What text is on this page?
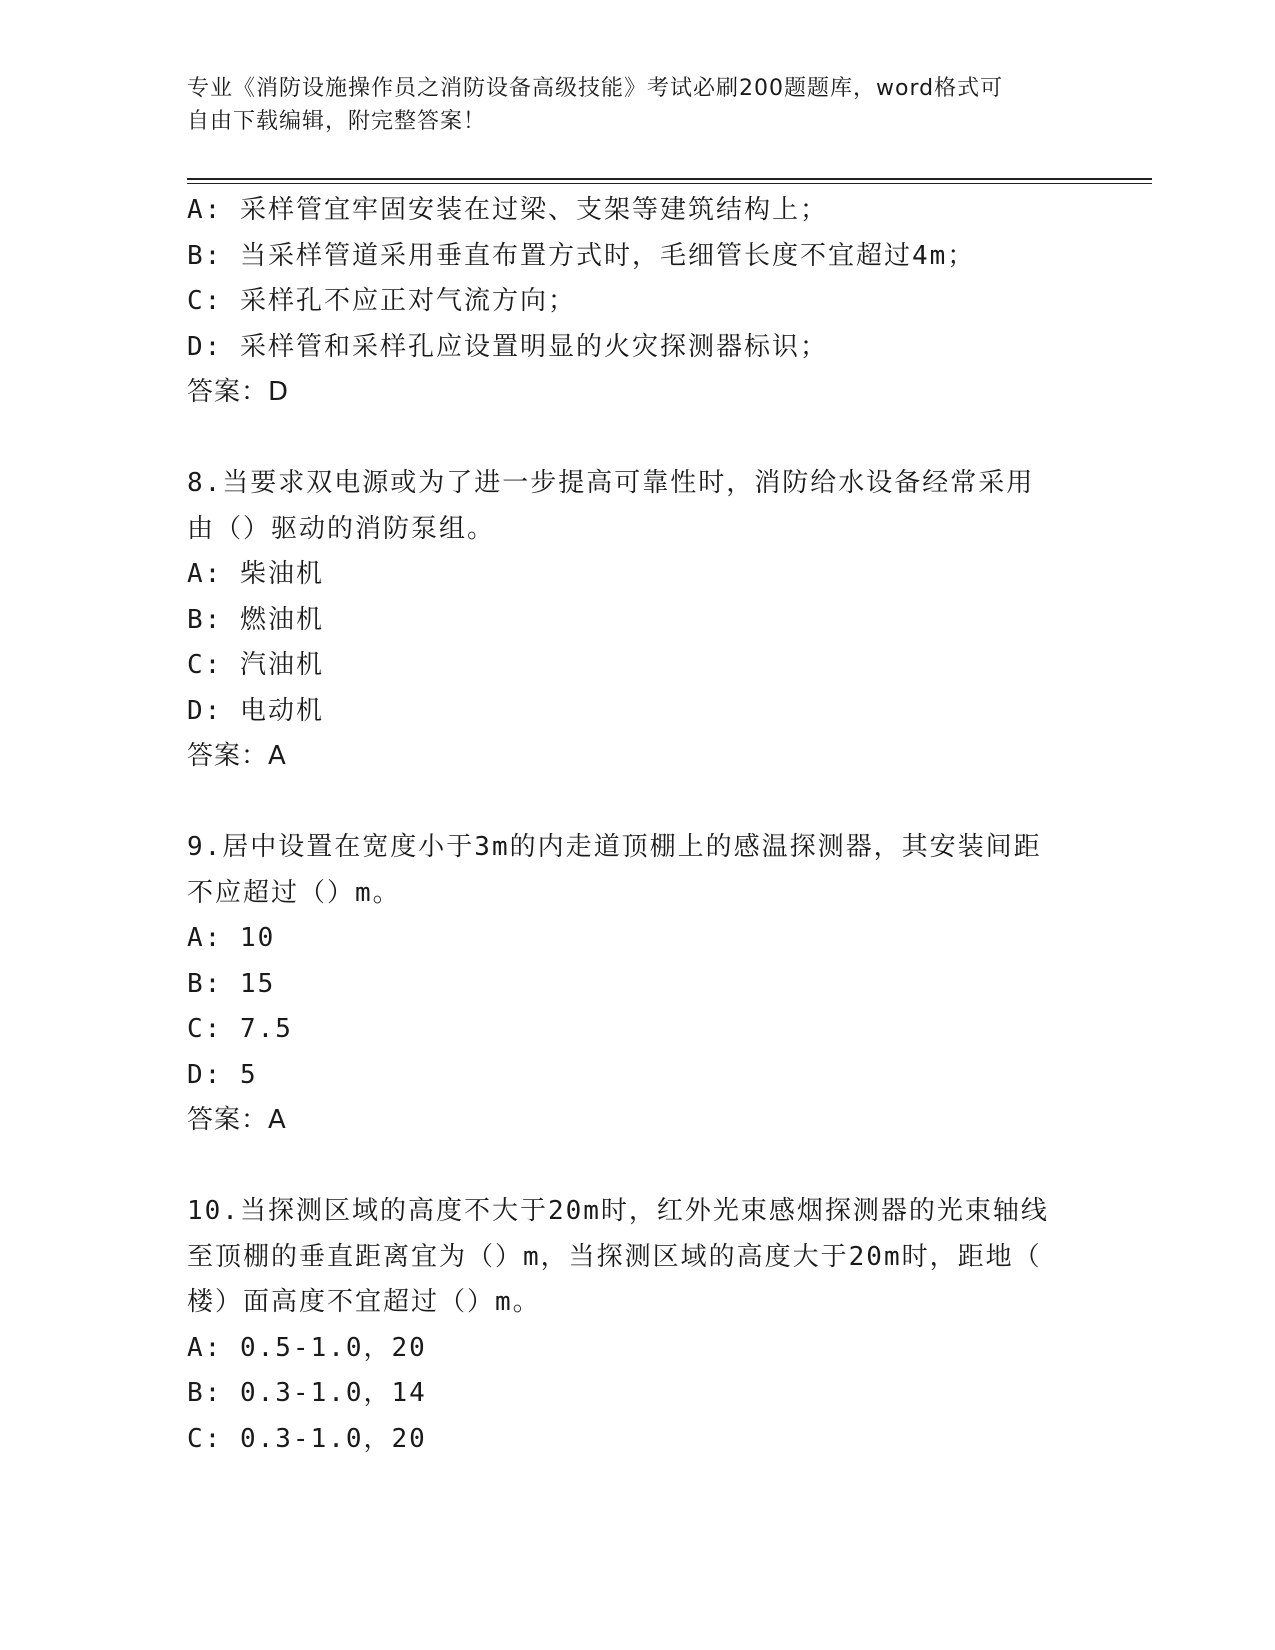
专业《消防设施操作员之消防设备高级技能》考试必刷200题题库，word格式可
自由下载编辑，附完整答案！
A: 采样管宜牢固安装在过梁、支架等建筑结构上；
B: 当采样管道采用垂直布置方式时，毛细管长度不宜超过4m；
C: 采样孔不应正对气流方向；
D: 采样管和采样孔应设置明显的火灾探测器标识；
答案：D
8.当要求双电源或为了进一步提高可靠性时，消防给水设备经常采用
由（）驱动的消防泵组。
A: 柴油机
B: 燃油机
C: 汽油机
D: 电动机
答案：A
9.居中设置在宽度小于3m的内走道顶棚上的感温探测器，其安装间距
不应超过（）m。
A: 10
B: 15
C: 7.5
D: 5
答案：A
10.当探测区域的高度不大于20m时，红外光束感烟探测器的光束轴线
至顶棚的垂直距离宜为（）m，当探测区域的高度大于20m时，距地（
楼）面高度不宜超过（）m。
A: 0.5-1.0，20
B: 0.3-1.0，14
C: 0.3-1.0，20
